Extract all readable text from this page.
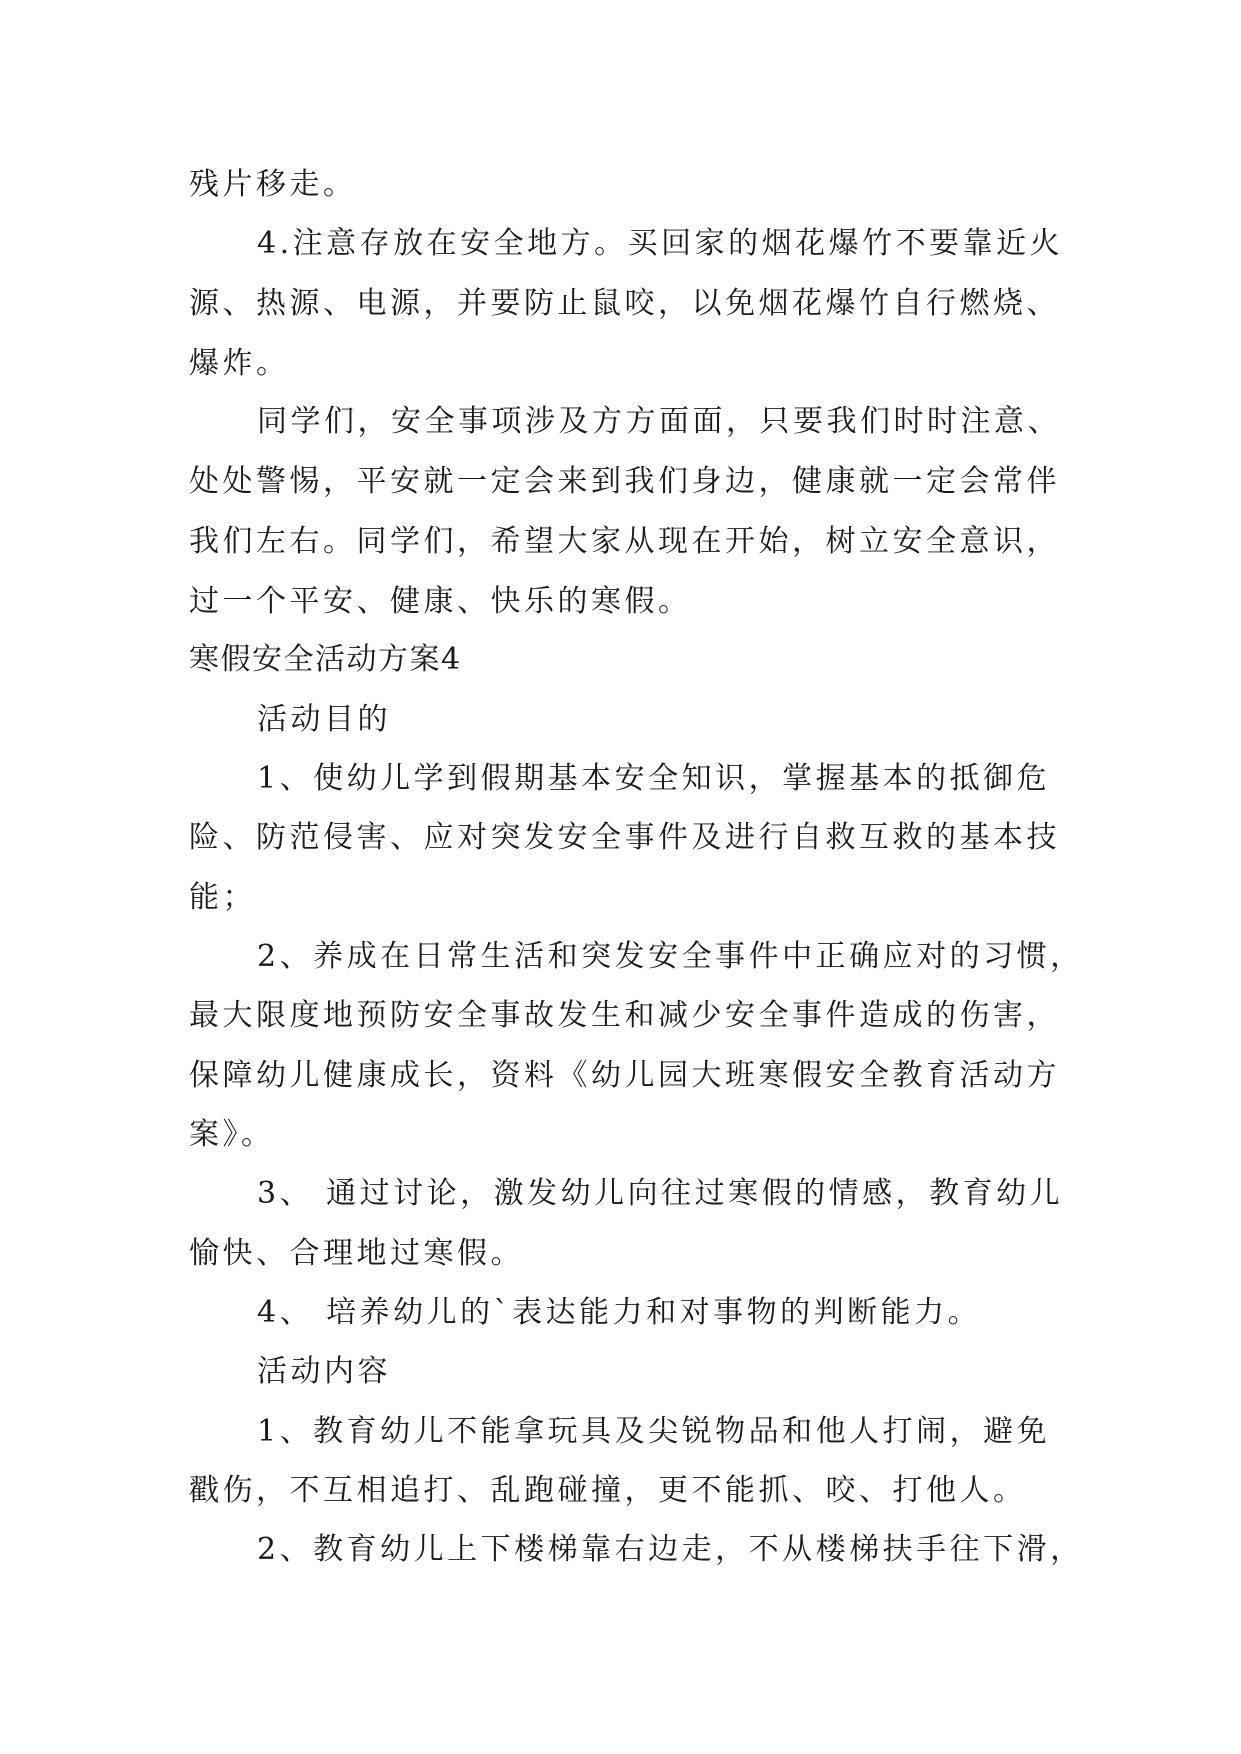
残片移走。
4.注意存放在安全地方。买回家的烟花爆竹不要靠近火
源、热源、电源，并要防止鼠咬，以免烟花爆竹自行燃烧、
爆炸。
同学们，安全事项涉及方方面面，只要我们时时注意、
处处警惕，平安就一定会来到我们身边，健康就一定会常伴
我们左右。同学们，希望大家从现在开始，树立安全意识，
过一个平安、健康、快乐的寒假。
寒假安全活动方案4
活动目的
1、使幼儿学到假期基本安全知识，掌握基本的抵御危
险、防范侵害、应对突发安全事件及进行自救互救的基本技
能；
2、养成在日常生活和突发安全事件中正确应对的习惯，
最大限度地预防安全事故发生和减少安全事件造成的伤害，
保障幼儿健康成长，资料《幼儿园大班寒假安全教育活动方
案》。
3、 通过讨论，激发幼儿向往过寒假的情感，教育幼儿
愉快、合理地过寒假。
4、 培养幼儿的`表达能力和对事物的判断能力。
活动内容
1、教育幼儿不能拿玩具及尖锐物品和他人打闹，避免
戳伤，不互相追打、乱跑碰撞，更不能抓、咬、打他人。
2、教育幼儿上下楼梯靠右边走，不从楼梯扶手往下滑，
